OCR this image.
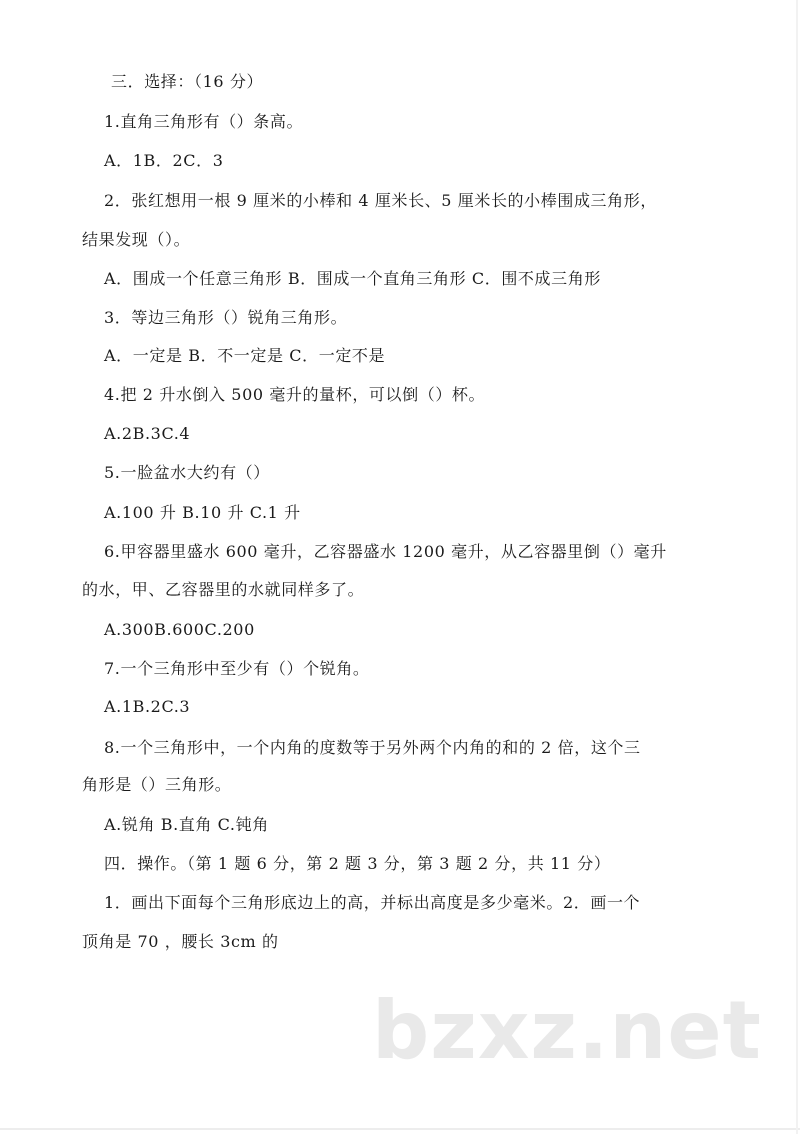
三．选择：（16 分）
1.直角三角形有（）条高。
A．1B．2C．3
2．张红想用一根 9 厘米的小棒和 4 厘米长、5 厘米长的小棒围成三角形，
结果发现（）。
A．围成一个任意三角形 B．围成一个直角三角形 C．围不成三角形
3．等边三角形（）锐角三角形。
A．一定是 B．不一定是 C．一定不是
4.把 2 升水倒入 500 毫升的量杯，可以倒（）杯。
A.2B.3C.4
5.一脸盆水大约有（）
A.100 升 B.10 升 C.1 升
6.甲容器里盛水 600 毫升，乙容器盛水 1200 毫升，从乙容器里倒（）毫升
的水，甲、乙容器里的水就同样多了。
A.300B.600C.200
7.一个三角形中至少有（）个锐角。
A.1B.2C.3
8.一个三角形中，一个内角的度数等于另外两个内角的和的 2 倍，这个三
角形是（）三角形。
A.锐角 B.直角 C.钝角
四．操作。（第 1 题 6 分，第 2 题 3 分，第 3 题 2 分，共 11 分）
1．画出下面每个三角形底边上的高，并标出高度是多少毫米。2．画一个
顶角是 70 ，腰长 3cm 的
bzxz.net
